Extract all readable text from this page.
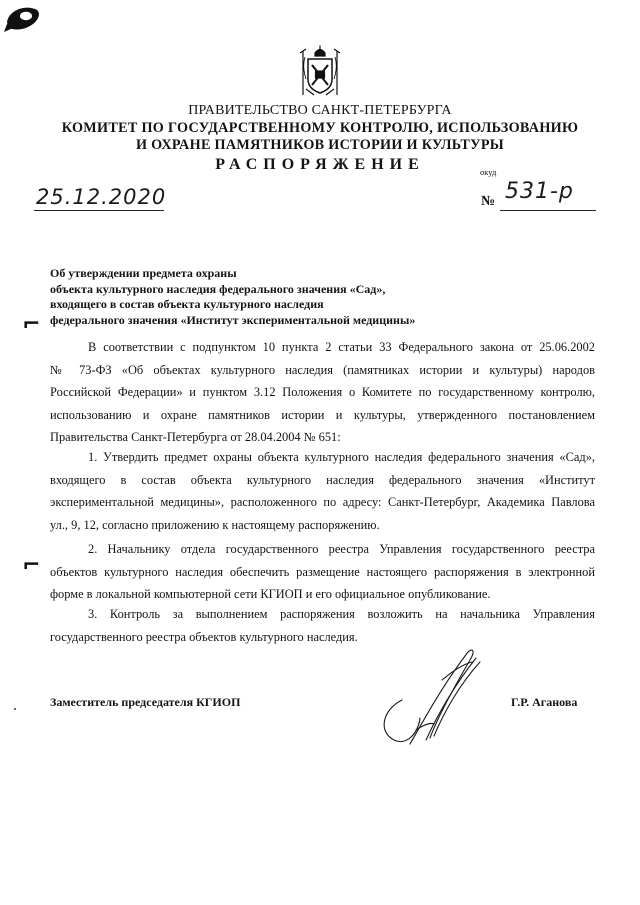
ПРАВИТЕЛЬСТВО САНКТ-ПЕТЕРБУРГА
КОМИТЕТ ПО ГОСУДАРСТВЕННОМУ КОНТРОЛЮ, ИСПОЛЬЗОВАНИЮ
И ОХРАНЕ ПАМЯТНИКОВ ИСТОРИИ И КУЛЬТУРЫ
РАСПОРЯЖЕНИЕ	окуд
25.12.2020	№ 531-р
Об утверждении предмета охраны
объекта культурного наследия федерального значения «Сад»,
входящего в состав объекта культурного наследия
федерального значения «Институт экспериментальной медицины»
⌐
В соответствии с подпунктом 10 пункта 2 статьи 33 Федерального закона от 25.06.2002
№ 73-ФЗ «Об объектах культурного наследия (памятниках истории и культуры) народов
Российской Федерации» и пунктом 3.12 Положения о Комитете по государственному контролю,
использованию и охране памятников истории и культуры, утвержденного постановлением
Правительства Санкт-Петербурга от 28.04.2004 № 651:
1. Утвердить предмет охраны объекта культурного наследия федерального значения «Сад»,
входящего в состав объекта культурного наследия федерального значения «Институт
экспериментальной медицины», расположенного по адресу: Санкт-Петербург, Академика Павлова
ул., 9, 12, согласно приложению к настоящему распоряжению.
⌐
2. Начальнику отдела государственного реестра Управления государственного реестра
объектов культурного наследия обеспечить размещение настоящего распоряжения в электронной
форме в локальной компьютерной сети КГИОП и его официальное опубликование.
3. Контроль за выполнением распоряжения возложить на начальника Управления
государственного реестра объектов культурного наследия.
Заместитель председателя КГИОП	Г.Р. Аганова
